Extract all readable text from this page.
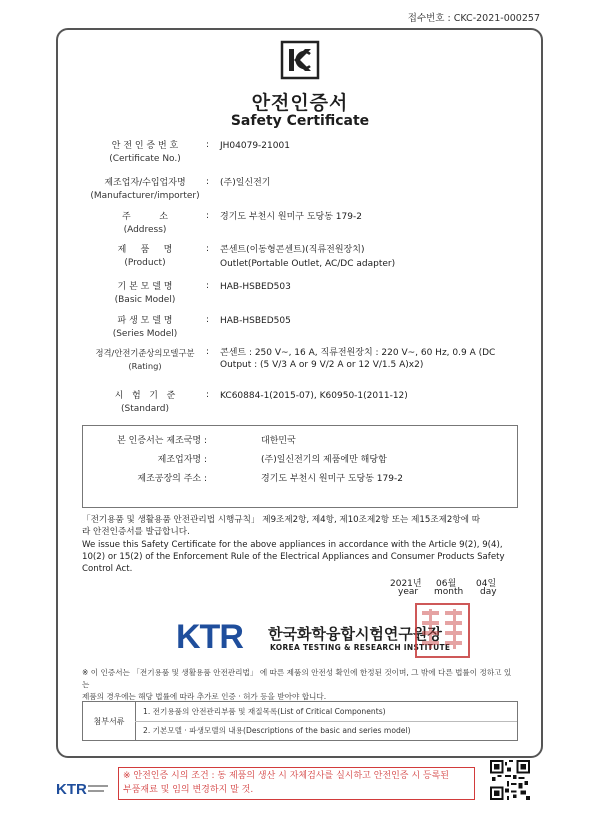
접수번호 : CKC-2021-000257
안전인증서
Safety Certificate
안 전 인 증 번 호
(Certificate No.)
: JH04079-21001
제조업자/수입업자명
(Manufacturer/importer)
: (주)일신전기
주          소
(Address)
: 경기도 부천시 원미구 도당동 179-2
제     품     명
(Product)
: 콘센트(이동형콘센트)(직류전원장치)
Outlet(Portable Outlet, AC/DC adapter)
기 본 모 델 명
(Basic Model)
: HAB-HSBED503
파 생 모 델 명
(Series Model)
: HAB-HSBED505
정격/안전기준상의모델구분
(Rating)
: 콘센트 : 250 V~, 16 A, 직류전원장치 : 220 V~, 60 Hz, 0.9 A (DC
Output : (5 V/3 A or 9 V/2 A or 12 V/1.5 A)x2)
시   험   기   준
(Standard)
: KC60884-1(2015-07), K60950-1(2011-12)
본 인증서는 제조국명 :	대한민국
제조업자명 :	(주)일신전기의 제품에만 해당함
제조공장의 주소 :	경기도 부천시 원미구 도당동 179-2
「전기용품 및 생활용품 안전관리법 시행규칙」 제9조제2항, 제4항, 제10조제2항 또는 제15조제2항에 따
라 안전인증서를 발급합니다.
We issue this Safety Certificate for the above appliances in accordance with the Article 9(2), 9(4),
10(2) or 15(2) of the Enforcement Rule of the Electrical Appliances and Consumer Products Safety
Control Act.
2021년 06월 04일
year month day
KTR 한국화학융합시험연구원장
KOREA TESTING & RESEARCH INSTITUTE
※ 이 인증서는 「전기용품 및 생활용품 안전관리법」 에 따른 제품의 안전성 확인에 한정된 것이며, 그 밖에 다른 법률이 정하고 있는
제품의 경우에는 해당 법률에 따라 추가로 인증 · 허가 등을 받아야 합니다.
첨부서류
1. 전기용품의 안전관리부품 및 재질목록(List of Critical Components)
2. 기본모델 · 파생모델의 내용(Descriptions of the basic and series model)
※ 안전인증 시의 조건 : 동 제품의 생산 시 자체검사를 실시하고 안전인증 시 등록된
부품재료 및 임의 변경하지 말 것.
KTR
